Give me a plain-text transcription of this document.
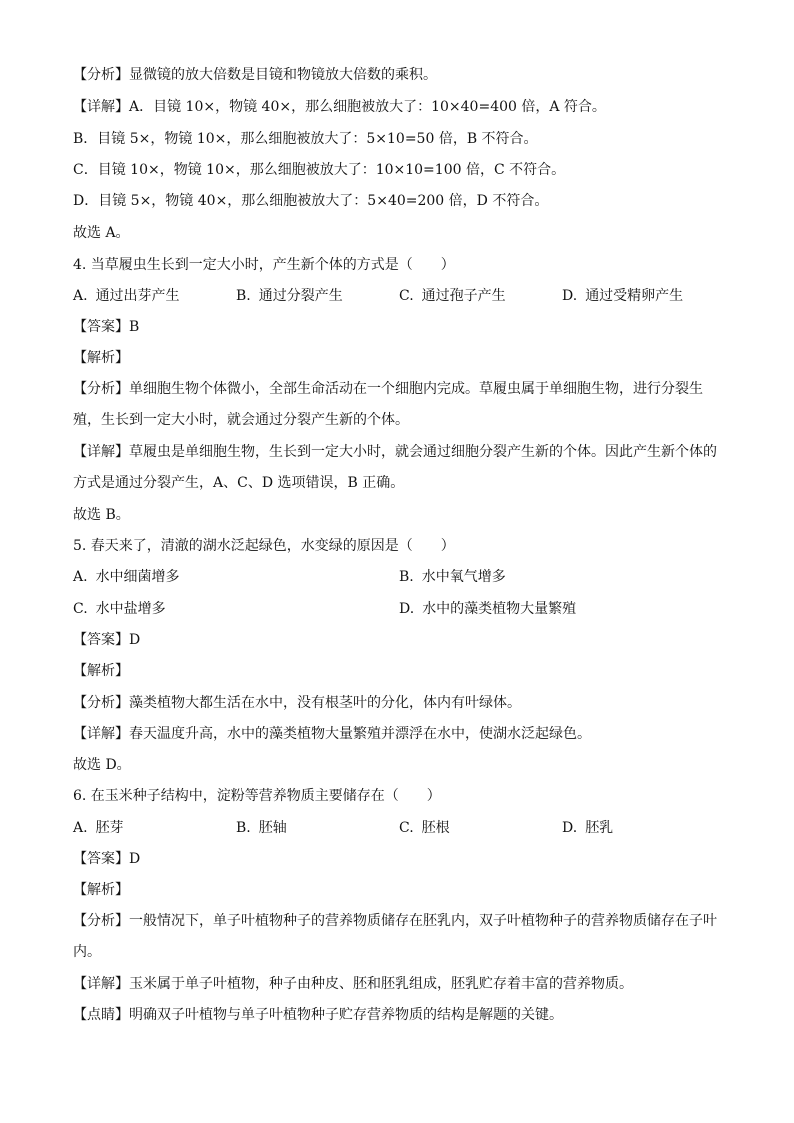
【分析】显微镜的放大倍数是目镜和物镜放大倍数的乘积。

【详解】A．目镜 10×，物镜 40×，那么细胞被放大了：10×40=400 倍，A 符合。

B．目镜 5×，物镜 10×，那么细胞被放大了：5×10=50 倍，B 不符合。

C．目镜 10×，物镜 10×，那么细胞被放大了：10×10=100 倍，C 不符合。

D．目镜 5×，物镜 40×，那么细胞被放大了：5×40=200 倍，D 不符合。

故选 A。

4. 当草履虫生长到一定大小时，产生新个体的方式是（　　）

A. 通过出芽产生	B. 通过分裂产生	C. 通过孢子产生	D. 通过受精卵产生

【答案】B

【解析】

【分析】单细胞生物个体微小，全部生命活动在一个细胞内完成。草履虫属于单细胞生物，进行分裂生殖，生长到一定大小时，就会通过分裂产生新的个体。

【详解】草履虫是单细胞生物，生长到一定大小时，就会通过细胞分裂产生新的个体。因此产生新个体的方式是通过分裂产生，A、C、D 选项错误，B 正确。

故选 B。

5. 春天来了，清澈的湖水泛起绿色，水变绿的原因是（　　）

A. 水中细菌增多	B. 水中氧气增多
C. 水中盐增多	D. 水中的藻类植物大量繁殖

【答案】D

【解析】

【分析】藻类植物大都生活在水中，没有根茎叶的分化，体内有叶绿体。

【详解】春天温度升高，水中的藻类植物大量繁殖并漂浮在水中，使湖水泛起绿色。

故选 D。

6. 在玉米种子结构中，淀粉等营养物质主要储存在（　　）

A. 胚芽	B. 胚轴	C. 胚根	D. 胚乳

【答案】D

【解析】

【分析】一般情况下，单子叶植物种子的营养物质储存在胚乳内，双子叶植物种子的营养物质储存在子叶内。

【详解】玉米属于单子叶植物，种子由种皮、胚和胚乳组成，胚乳贮存着丰富的营养物质。

【点睛】明确双子叶植物与单子叶植物种子贮存营养物质的结构是解题的关键。
